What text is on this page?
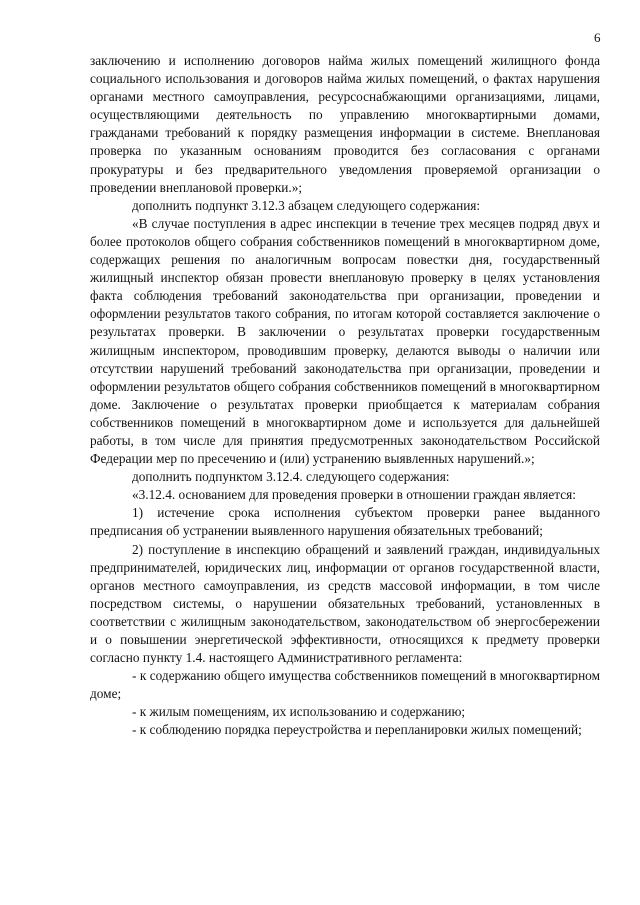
6

заключению и исполнению договоров найма жилых помещений жилищного фонда социального использования и договоров найма жилых помещений, о фактах нарушения органами местного самоуправления, ресурсоснабжающими организациями, лицами, осуществляющими деятельность по управлению многоквартирными домами, гражданами требований к порядку размещения информации в системе. Внеплановая проверка по указанным основаниям проводится без согласования с органами прокуратуры и без предварительного уведомления проверяемой организации о проведении внеплановой проверки.»;

дополнить подпункт 3.12.3 абзацем следующего содержания:

«В случае поступления в адрес инспекции в течение трех месяцев подряд двух и более протоколов общего собрания собственников помещений в многоквартирном доме, содержащих решения по аналогичным вопросам повестки дня, государственный жилищный инспектор обязан провести внеплановую проверку в целях установления факта соблюдения требований законодательства при организации, проведении и оформлении результатов такого собрания, по итогам которой составляется заключение о результатах проверки. В заключении о результатах проверки государственным жилищным инспектором, проводившим проверку, делаются выводы о наличии или отсутствии нарушений требований законодательства при организации, проведении и оформлении результатов общего собрания собственников помещений в многоквартирном доме. Заключение о результатах проверки приобщается к материалам собрания собственников помещений в многоквартирном доме и используется для дальнейшей работы, в том числе для принятия предусмотренных законодательством Российской Федерации мер по пресечению и (или) устранению выявленных нарушений.»;

дополнить подпунктом 3.12.4. следующего содержания:

«3.12.4. основанием для проведения проверки в отношении граждан является:

1) истечение срока исполнения субъектом проверки ранее выданного предписания об устранении выявленного нарушения обязательных требований;

2) поступление в инспекцию обращений и заявлений граждан, индивидуальных предпринимателей, юридических лиц, информации от органов государственной власти, органов местного самоуправления, из средств массовой информации, в том числе посредством системы, о нарушении обязательных требований, установленных в соответствии с жилищным законодательством, законодательством об энергосбережении и о повышении энергетической эффективности, относящихся к предмету проверки согласно пункту 1.4. настоящего Административного регламента:

- к содержанию общего имущества собственников помещений в многоквартирном доме;

- к жилым помещениям, их использованию и содержанию;

- к соблюдению порядка переустройства и перепланировки жилых помещений;
